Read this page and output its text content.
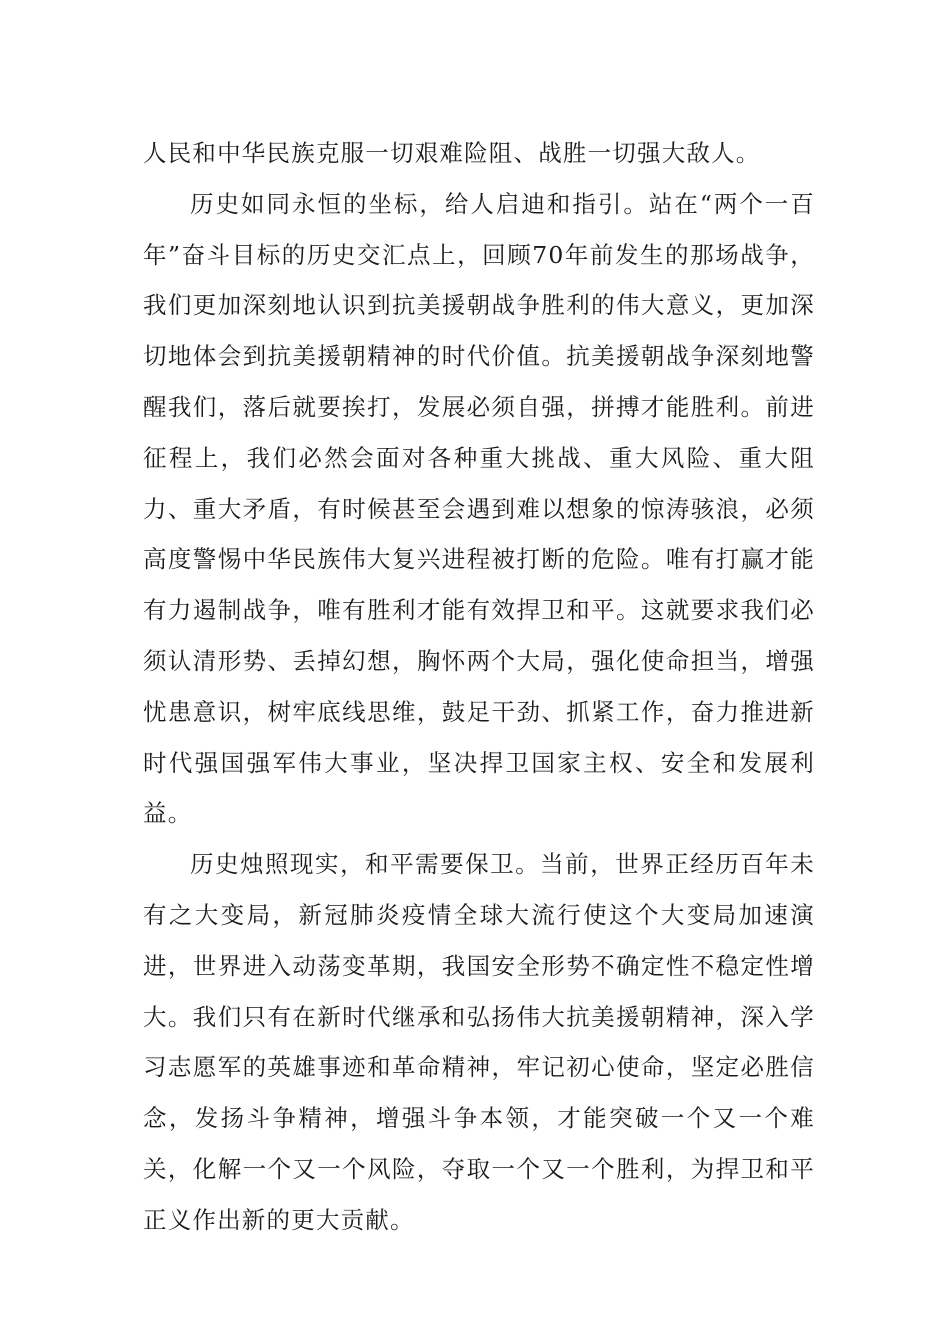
人民和中华民族克服一切艰难险阻、战胜一切强大敌人。

历史如同永恒的坐标，给人启迪和指引。站在“两个一百年”奋斗目标的历史交汇点上，回顾70年前发生的那场战争，我们更加深刻地认识到抗美援朝战争胜利的伟大意义，更加深切地体会到抗美援朝精神的时代价值。抗美援朝战争深刻地警醒我们，落后就要挨打，发展必须自强，拼搏才能胜利。前进征程上，我们必然会面对各种重大挑战、重大风险、重大阻力、重大矛盾，有时候甚至会遇到难以想象的惊涛骇浪，必须高度警惕中华民族伟大复兴进程被打断的危险。唯有打赢才能有力遏制战争，唯有胜利才能有效捍卫和平。这就要求我们必须认清形势、丢掉幻想，胸怀两个大局，强化使命担当，增强忧患意识，树牢底线思维，鼓足干劲、抓紧工作，奋力推进新时代强国强军伟大事业，坚决捍卫国家主权、安全和发展利益。

历史烛照现实，和平需要保卫。当前，世界正经历百年未有之大变局，新冠肺炎疫情全球大流行使这个大变局加速演进，世界进入动荡变革期，我国安全形势不确定性不稳定性增大。我们只有在新时代继承和弘扬伟大抗美援朝精神，深入学习志愿军的英雄事迹和革命精神，牢记初心使命，坚定必胜信念，发扬斗争精神，增强斗争本领，才能突破一个又一个难关，化解一个又一个风险，夺取一个又一个胜利，为捍卫和平正义作出新的更大贡献。
